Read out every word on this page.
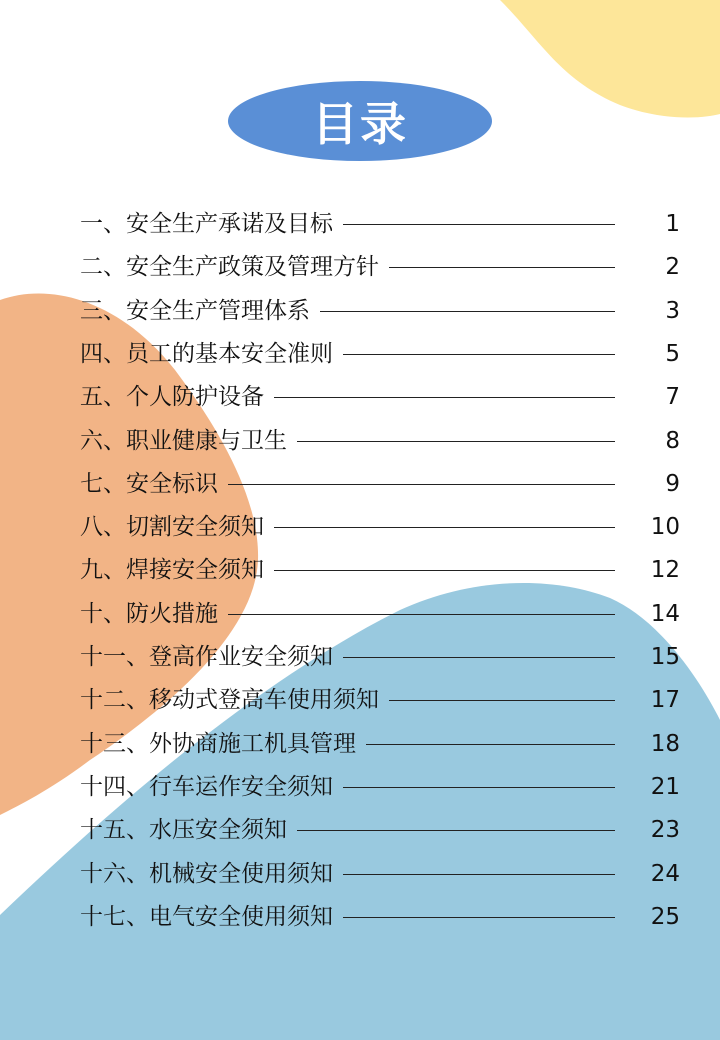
目录
一、安全生产承诺及目标	1
二、安全生产政策及管理方针	2
三、安全生产管理体系	3
四、员工的基本安全准则	5
五、个人防护设备	7
六、职业健康与卫生	8
七、安全标识	9
八、切割安全须知	10
九、焊接安全须知	12
十、防火措施	14
十一、登高作业安全须知	15
十二、移动式登高车使用须知	17
十三、外协商施工机具管理	18
十四、行车运作安全须知	21
十五、水压安全须知	23
十六、机械安全使用须知	24
十七、电气安全使用须知	25
